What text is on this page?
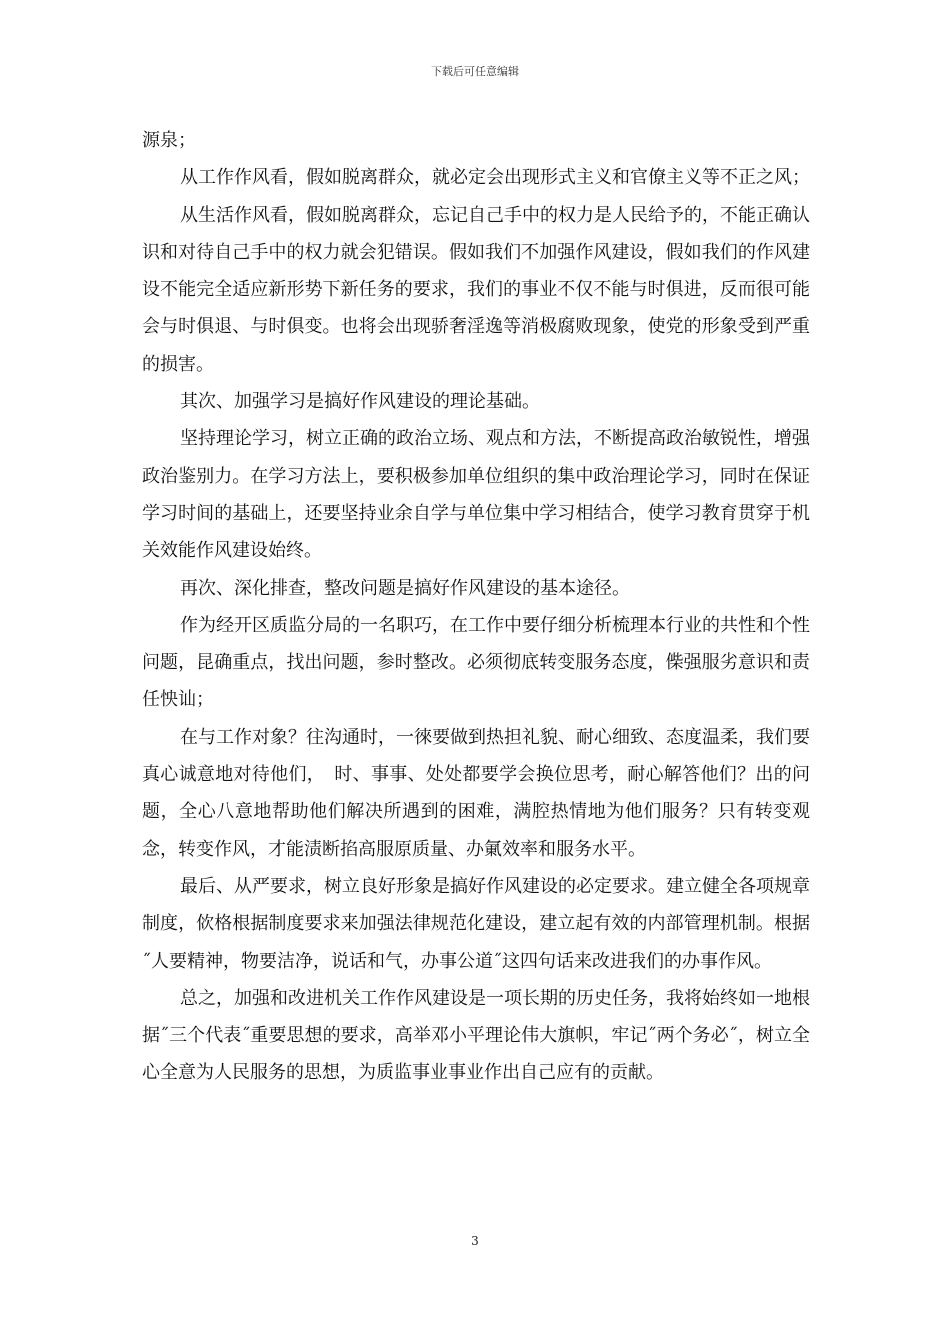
下载后可任意编辑

源泉；

从工作作风看，假如脱离群众，就必定会出现形式主义和官僚主义等不正之风；

从生活作风看，假如脱离群众，忘记自己手中的权力是人民给予的，不能正确认识和对待自己手中的权力就会犯错误。假如我们不加强作风建设，假如我们的作风建设不能完全适应新形势下新任务的要求，我们的事业不仅不能与时俱进，反而很可能会与时俱退、与时俱变。也将会出现骄奢淫逸等消极腐败现象，使党的形象受到严重的损害。

其次、加强学习是搞好作风建设的理论基础。

坚持理论学习，树立正确的政治立场、观点和方法，不断提高政治敏锐性，增强政治鉴别力。在学习方法上，要积极参加单位组织的集中政治理论学习，同时在保证学习时间的基础上，还要坚持业余自学与单位集中学习相结合，使学习教育贯穿于机关效能作风建设始终。

再次、深化排查，整改问题是搞好作风建设的基本途径。

作为经开区质监分局的一名职巧，在工作中要仔细分析梳理本行业的共性和个性问题，昆确重点，找出问题，参时整改。必须彻底转变服务态度，偨强服劣意识和责任怏讪；

在与工作对象？往沟通时，一徠要做到热担礼貌、耐心细致、态度温柔，我们要真心诚意地对待他们，　时、事事、处处都要学会换位思考，耐心解答他们？出的问题，全心八意地帮助他们解决所遇到的困难，满腔热情地为他们服务？只有转变观念，转变作风，才能渍断掐高服原质量、办氭效率和服务水平。

最后、从严要求，树立良好形象是搞好作风建设的必定要求。建立健全各项规章制度，佽格根据制度要求来加强法律规范化建设，建立起有效的内部管理机制。根据˝人要精神，物要洁净，说话和气，办事公道˝这四句话来改进我们的办事作风。

总之，加强和改进机关工作作风建设是一项长期的历史任务，我将始终如一地根据˝三个代表˝重要思想的要求，高举邓小平理论伟大旗帜，牢记˝两个务必˝，树立全心全意为人民服务的思想，为质监事业事业作出自己应有的贡献。

3
